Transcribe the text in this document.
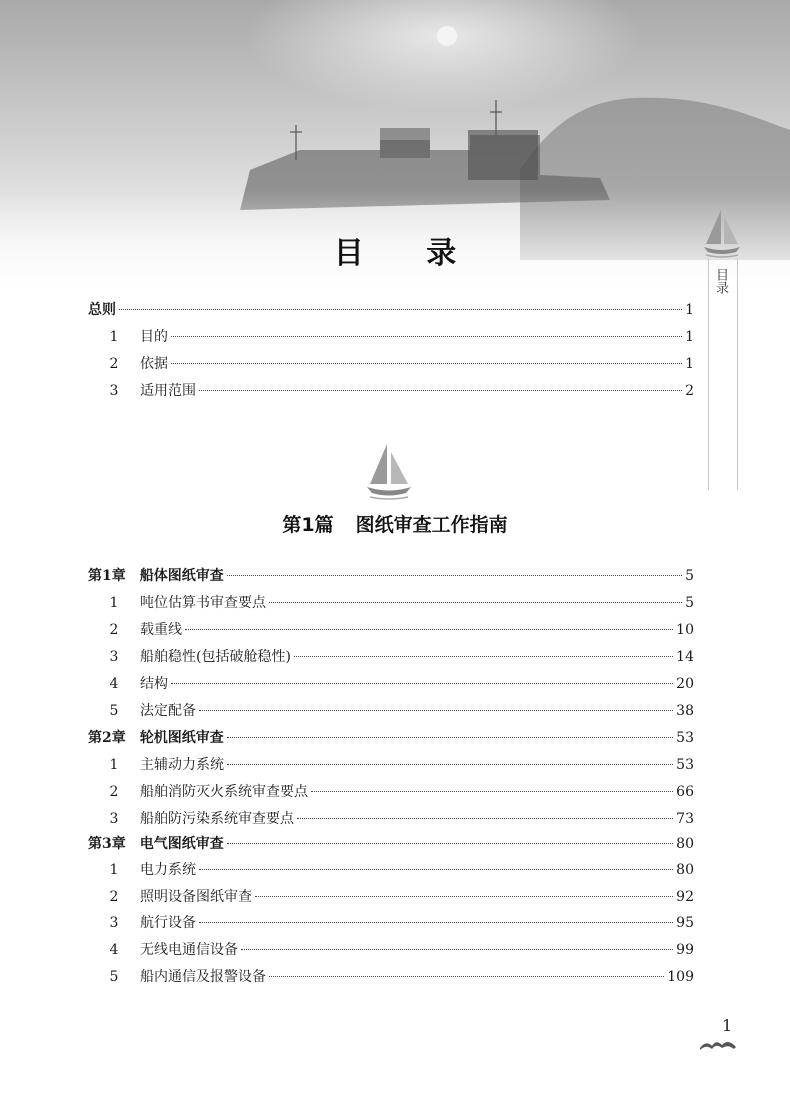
目 录
目录
总则	1
1	目的	1
2	依据	1
3	适用范围	2
第1篇 图纸审查工作指南
第1章 船体图纸审查	5
1	吨位估算书审查要点	5
2	载重线	10
3	船舶稳性(包括破舱稳性)	14
4	结构	20
5	法定配备	38
第2章 轮机图纸审查	53
1	主辅动力系统	53
2	船舶消防灭火系统审查要点	66
3	船舶防污染系统审查要点	73
第3章 电气图纸审查	80
1	电力系统	80
2	照明设备图纸审查	92
3	航行设备	95
4	无线电通信设备	99
5	船内通信及报警设备	109
1
